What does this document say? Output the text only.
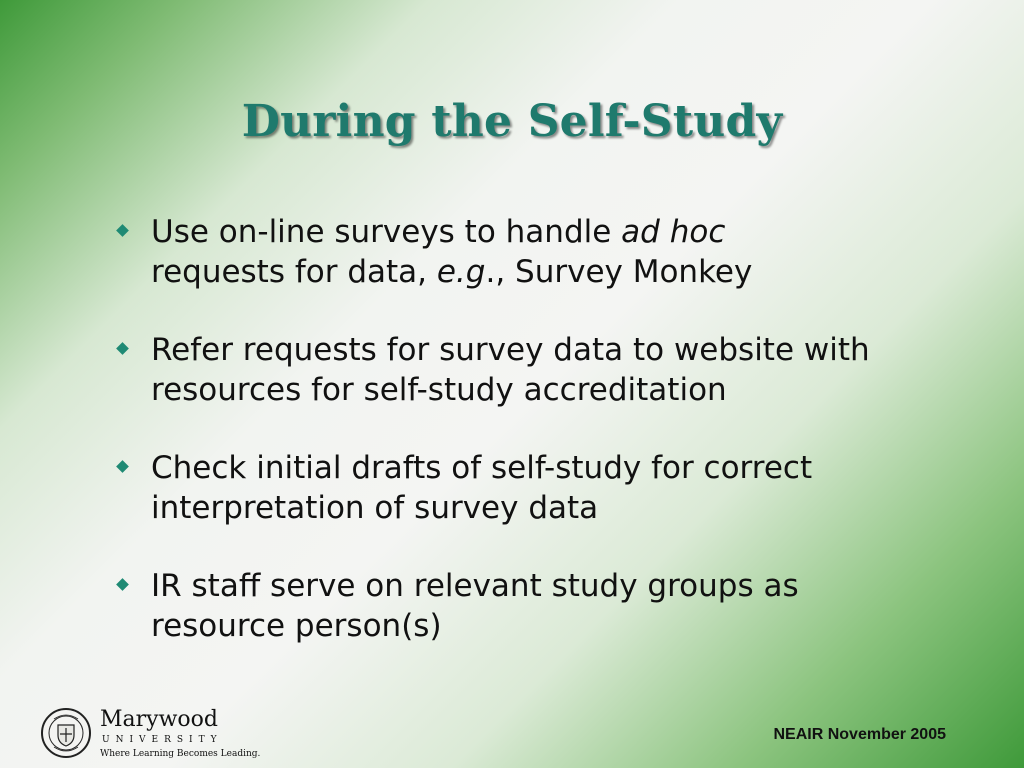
During the Self-Study
Use on-line surveys to handle ad hoc
requests for data, e.g., Survey Monkey
Refer requests for survey data to website with resources for self-study accreditation
Check initial drafts of self-study for correct interpretation of survey data
IR staff serve on relevant study groups as resource person(s)
Marywood
UNIVERSITY
Where Learning Becomes Leading.
NEAIR November 2005
